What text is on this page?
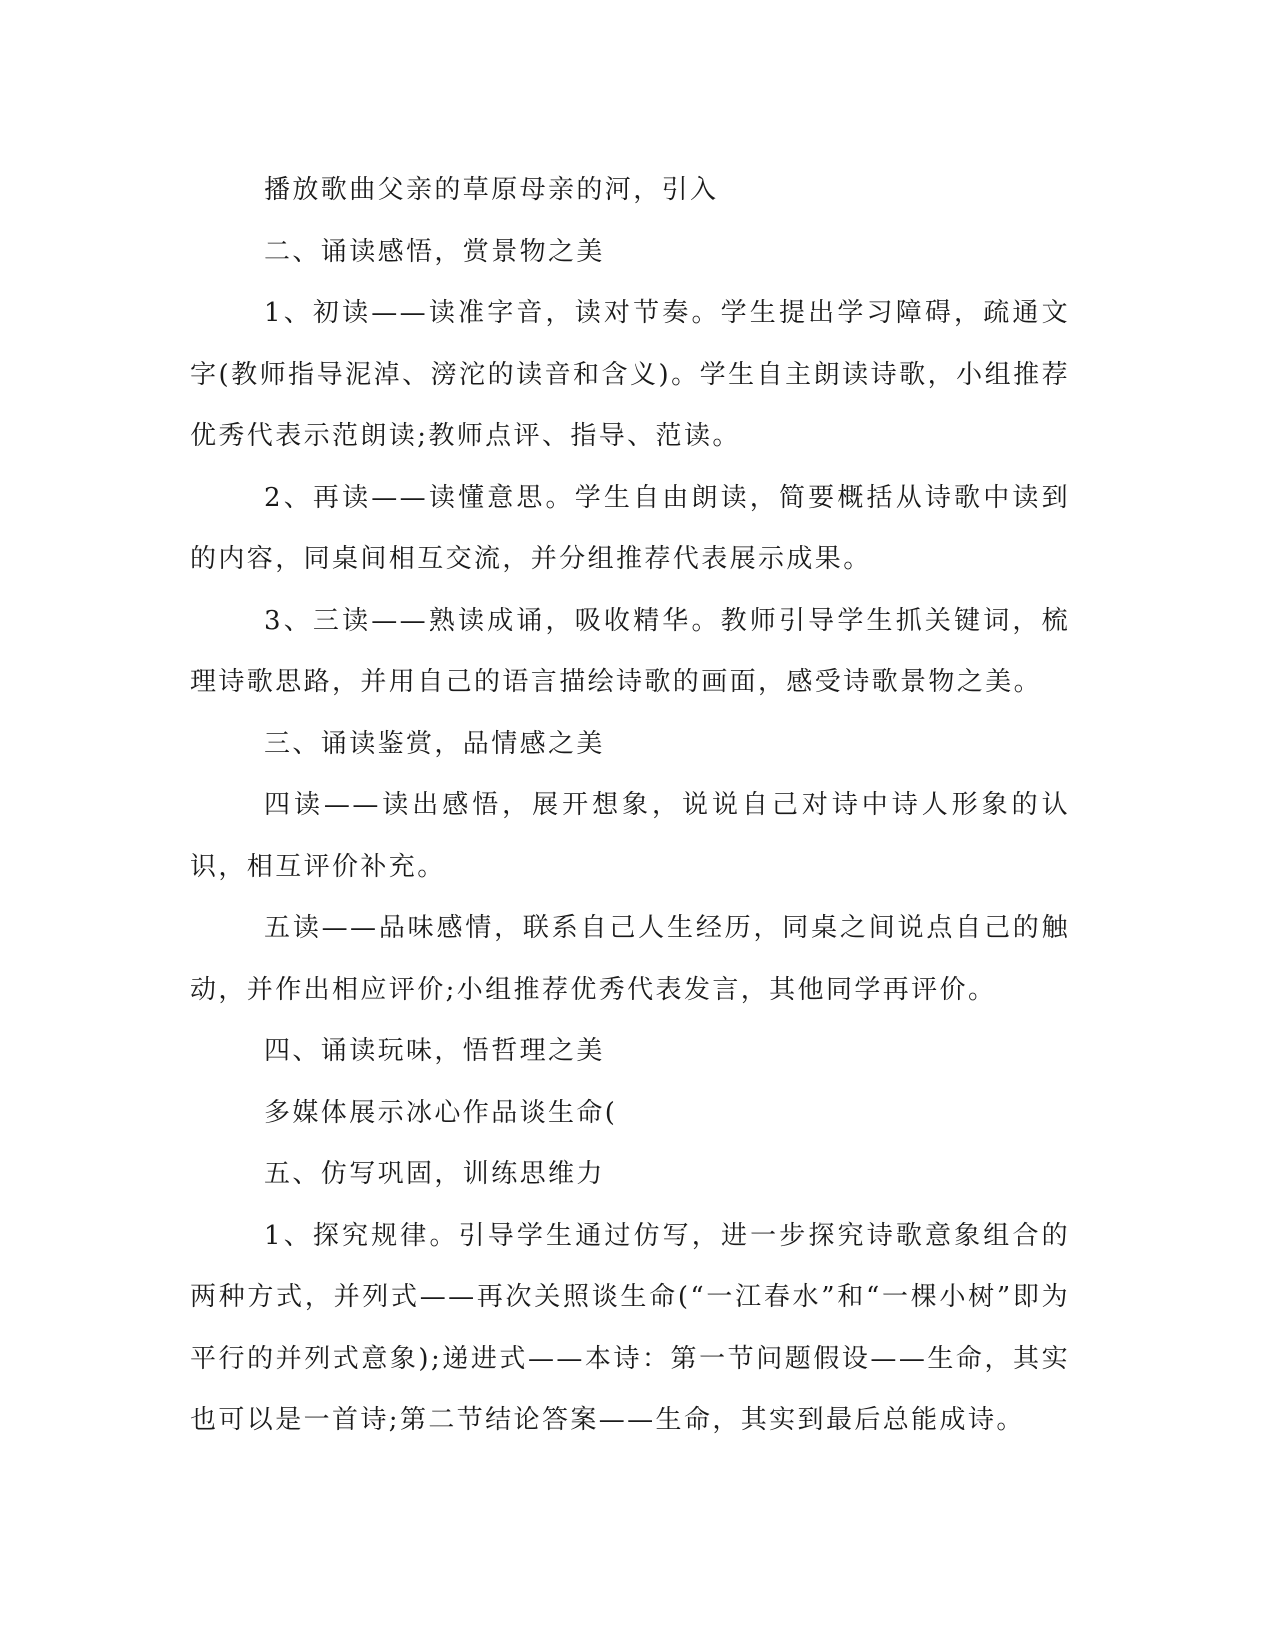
播放歌曲父亲的草原母亲的河，引入

二、诵读感悟，赏景物之美

1、初读——读准字音，读对节奏。学生提出学习障碍，疏通文字(教师指导泥淖、滂沱的读音和含义)。学生自主朗读诗歌，小组推荐优秀代表示范朗读;教师点评、指导、范读。

2、再读——读懂意思。学生自由朗读，简要概括从诗歌中读到的内容，同桌间相互交流，并分组推荐代表展示成果。

3、三读——熟读成诵，吸收精华。教师引导学生抓关键词，梳理诗歌思路，并用自己的语言描绘诗歌的画面，感受诗歌景物之美。

三、诵读鉴赏，品情感之美

四读——读出感悟，展开想象，说说自己对诗中诗人形象的认识，相互评价补充。

五读——品味感情，联系自己人生经历，同桌之间说点自己的触动，并作出相应评价;小组推荐优秀代表发言，其他同学再评价。

四、诵读玩味，悟哲理之美

多媒体展示冰心作品谈生命(

五、仿写巩固，训练思维力

1、探究规律。引导学生通过仿写，进一步探究诗歌意象组合的两种方式，并列式——再次关照谈生命(“一江春水”和“一棵小树”即为平行的并列式意象);递进式——本诗：第一节问题假设——生命，其实也可以是一首诗;第二节结论答案——生命，其实到最后总能成诗。
